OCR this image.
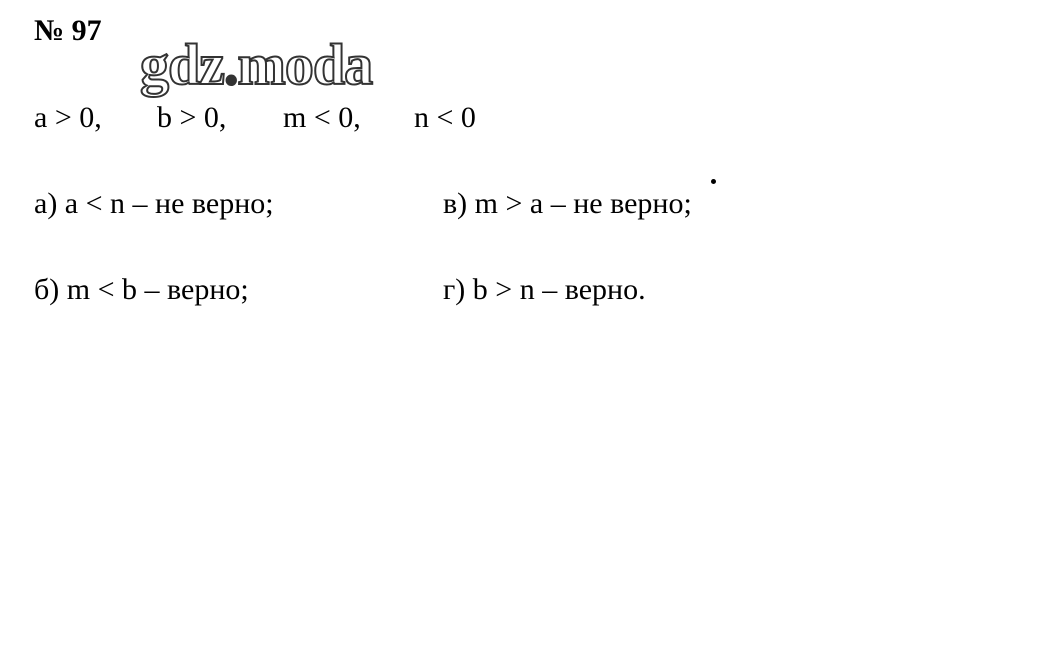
№ 97
gdz.moda
a > 0, b > 0, m < 0, n < 0
а) a < n – не верно;	в) m > a – не верно;
б) m < b – верно;	г) b > n – верно.
